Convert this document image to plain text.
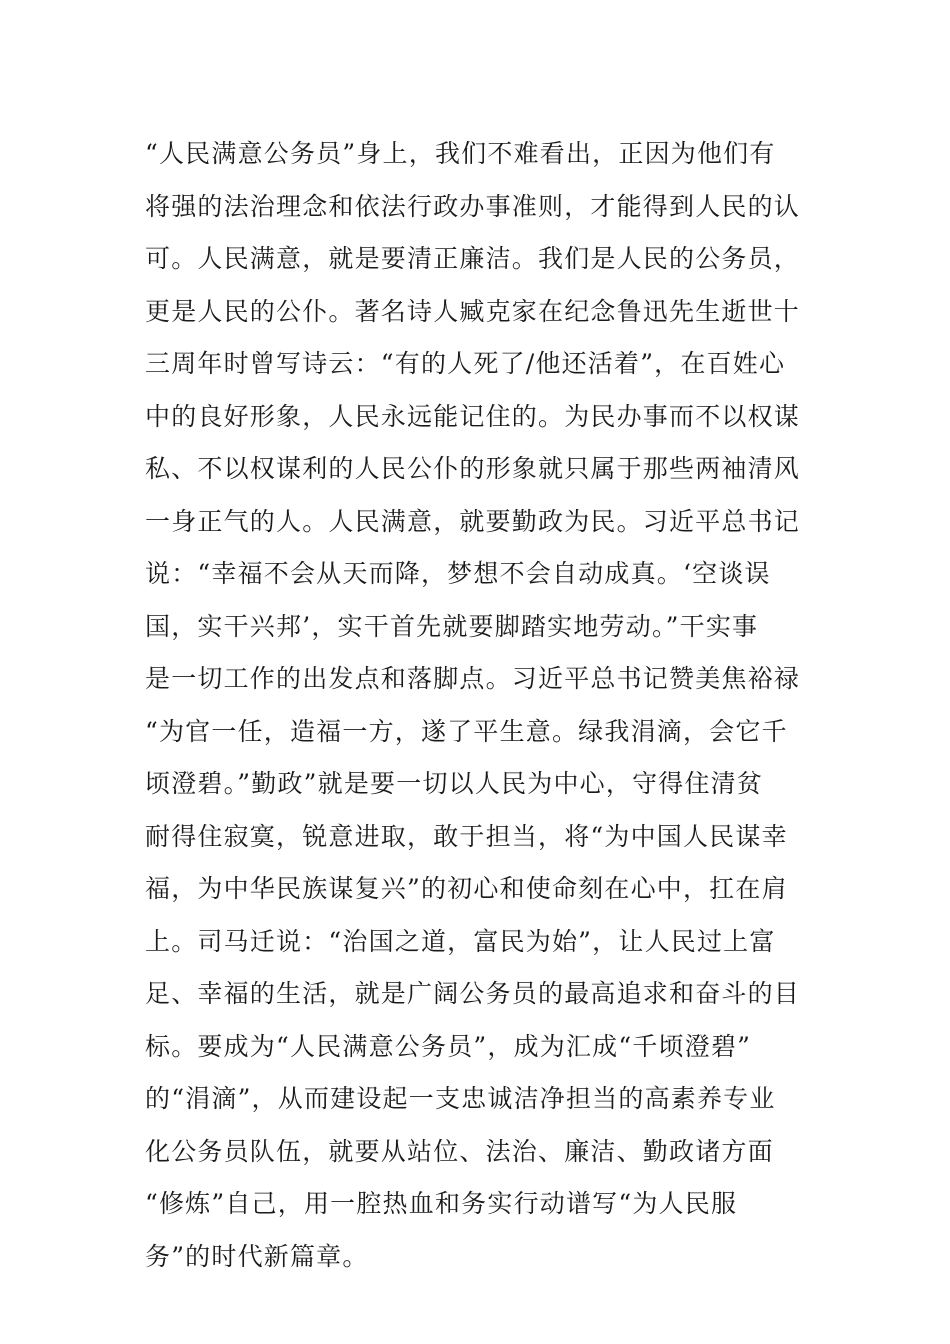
“人民满意公务员”身上，我们不难看出，正因为他们有
将强的法治理念和依法行政办事准则，才能得到人民的认
可。人民满意，就是要清正廉洁。我们是人民的公务员，
更是人民的公仆。著名诗人臧克家在纪念鲁迅先生逝世十
三周年时曾写诗云：“有的人死了/他还活着”，在百姓心
中的良好形象，人民永远能记住的。为民办事而不以权谋
私、不以权谋利的人民公仆的形象就只属于那些两袖清风
一身正气的人。人民满意，就要勤政为民。习近平总书记
说：“幸福不会从天而降，梦想不会自动成真。‘空谈误
国，实干兴邦’，实干首先就要脚踏实地劳动。”干实事
是一切工作的出发点和落脚点。习近平总书记赞美焦裕禄
“为官一任，造福一方，遂了平生意。绿我涓滴，会它千
顷澄碧。”勤政”就是要一切以人民为中心，守得住清贫
耐得住寂寞，锐意进取，敢于担当，将“为中国人民谋幸
福，为中华民族谋复兴”的初心和使命刻在心中，扛在肩
上。司马迁说：“治国之道，富民为始”，让人民过上富
足、幸福的生活，就是广阔公务员的最高追求和奋斗的目
标。要成为“人民满意公务员”，成为汇成“千顷澄碧”
的“涓滴”，从而建设起一支忠诚洁净担当的高素养专业
化公务员队伍，就要从站位、法治、廉洁、勤政诸方面
“修炼”自己，用一腔热血和务实行动谱写“为人民服
务”的时代新篇章。
